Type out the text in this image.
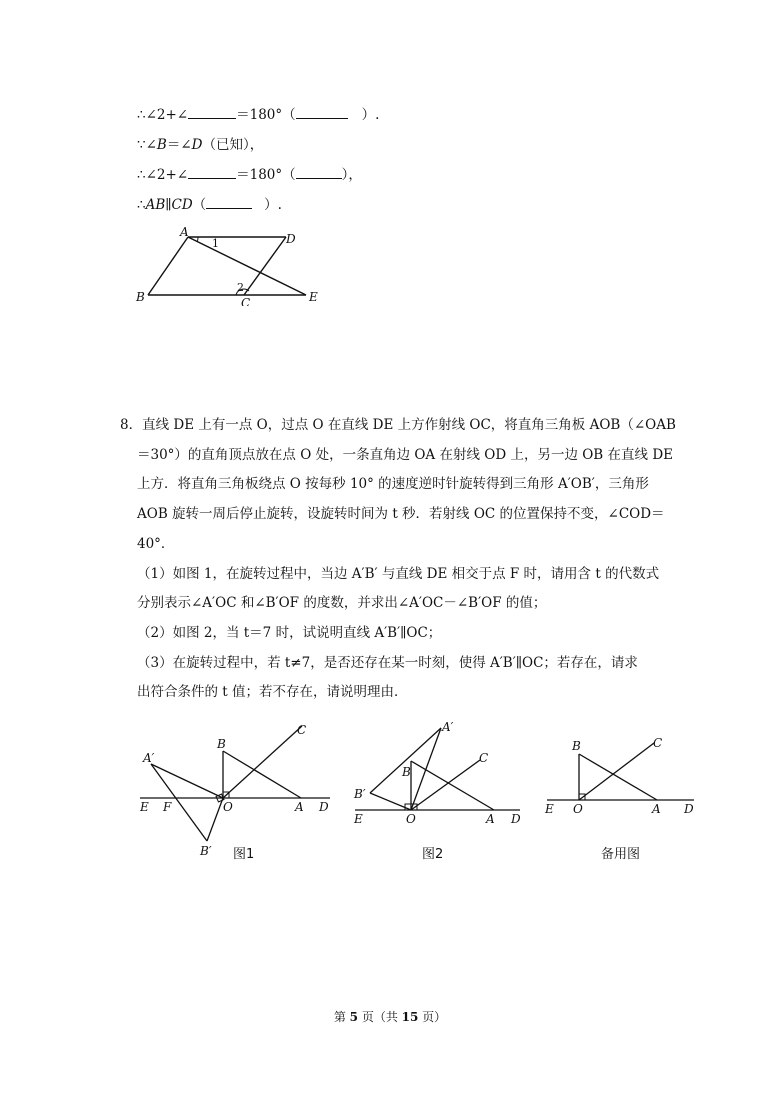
∴∠2+∠	＝180°（	）.
∵∠B＝∠D（已知），
∴∠2+∠	＝180°（	），
∴AB∥CD（	）.
A	D
B	C	E
1
2
8．直线 DE 上有一点 O，过点 O 在直线 DE 上方作射线 OC，将直角三角板 AOB（∠OAB
＝30°）的直角顶点放在点 O 处，一条直角边 OA 在射线 OD 上，另一边 OB 在直线 DE
上方．将直角三角板绕点 O 按每秒 10° 的速度逆时针旋转得到三角形 A′OB′，三角形
AOB 旋转一周后停止旋转，设旋转时间为 t 秒．若射线 OC 的位置保持不变，∠COD＝
40°．
（1）如图 1，在旋转过程中，当边 A′B′ 与直线 DE 相交于点 F 时，请用含 t 的代数式
分别表示∠A′OC 和∠B′OF 的度数，并求出∠A′OC－∠B′OF 的值；
（2）如图 2，当 t＝7 时，试说明直线 A′B′∥OC；
（3）在旋转过程中，若 t≠7，是否还存在某一时刻，使得 A′B′∥OC；若存在，请求
出符合条件的 t 值；若不存在，请说明理由．
A′
B
C
E F	O	A D
B′ 图1
A′
C
B
B′
E	O	A D
图2
B	C
E O	A D
备用图
第 5 页（共 15 页）
